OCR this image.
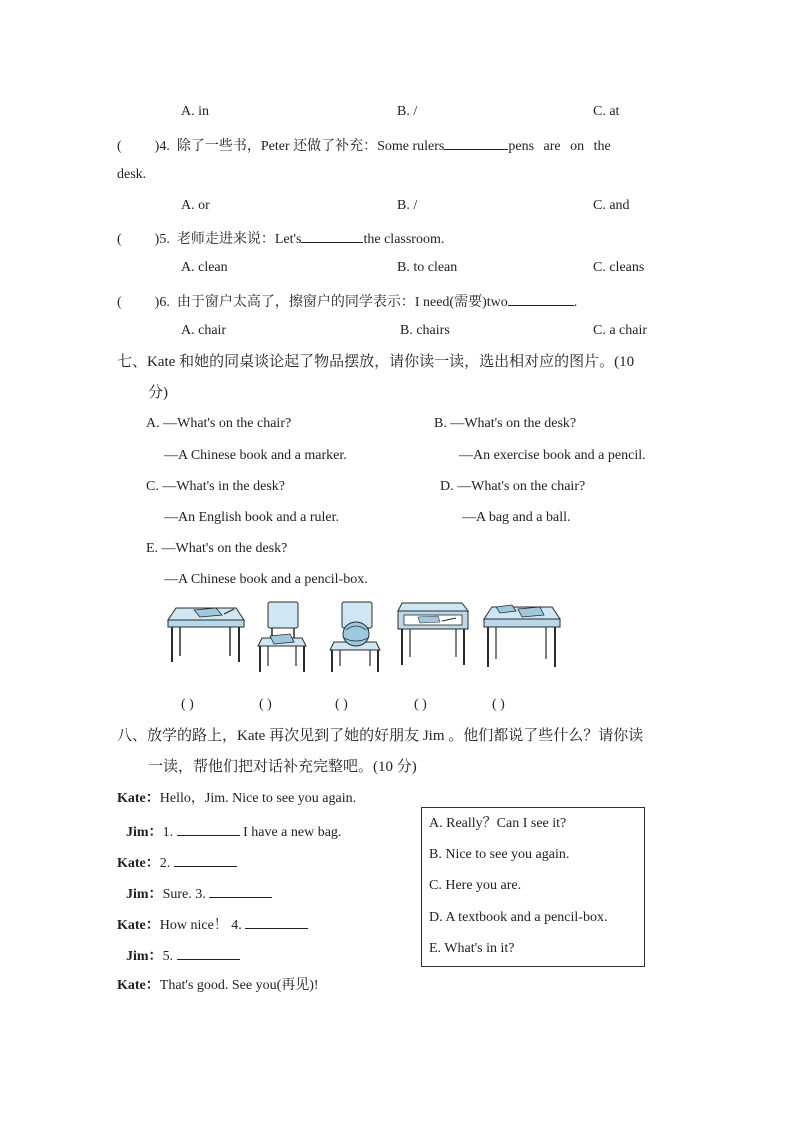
A. in	B. /	C. at
( )4. 除了一些书，Peter 还做了补充：Some rulers	pens are on the
desk.
A. or	B. /	C. and
( )5. 老师走进来说：Let's	the classroom.
A. clean	B. to clean	C. cleans
( )6. 由于窗户太高了，擦窗户的同学表示：I need(需要)two	.
A. chair	B. chairs	C. a chair
七、Kate 和她的同桌谈论起了物品摆放，请你读一读，选出相对应的图片。(10
分)
A. —What's on the chair?
—A Chinese book and a marker.
B. —What's on the desk?
—An exercise book and a pencil.
C. —What's in the desk?
—An English book and a ruler.
D. —What's on the chair?
—A bag and a ball.
E. —What's on the desk?
—A Chinese book and a pencil-box.
( )	( )	( )	( )	( )
八、放学的路上，Kate 再次见到了她的好朋友 Jim 。他们都说了些什么？请你读
一读，帮他们把对话补充完整吧。(10 分)
Kate：Hello，Jim. Nice to see you again.
Jim：1.	I have a new bag.
Kate：2.
Jim：Sure. 3.
Kate：How nice！ 4.
Jim：5.
Kate：That's good. See you(再见)!
A. Really？Can I see it?
B. Nice to see you again.
C. Here you are.
D. A textbook and a pencil-box.
E. What's in it?
